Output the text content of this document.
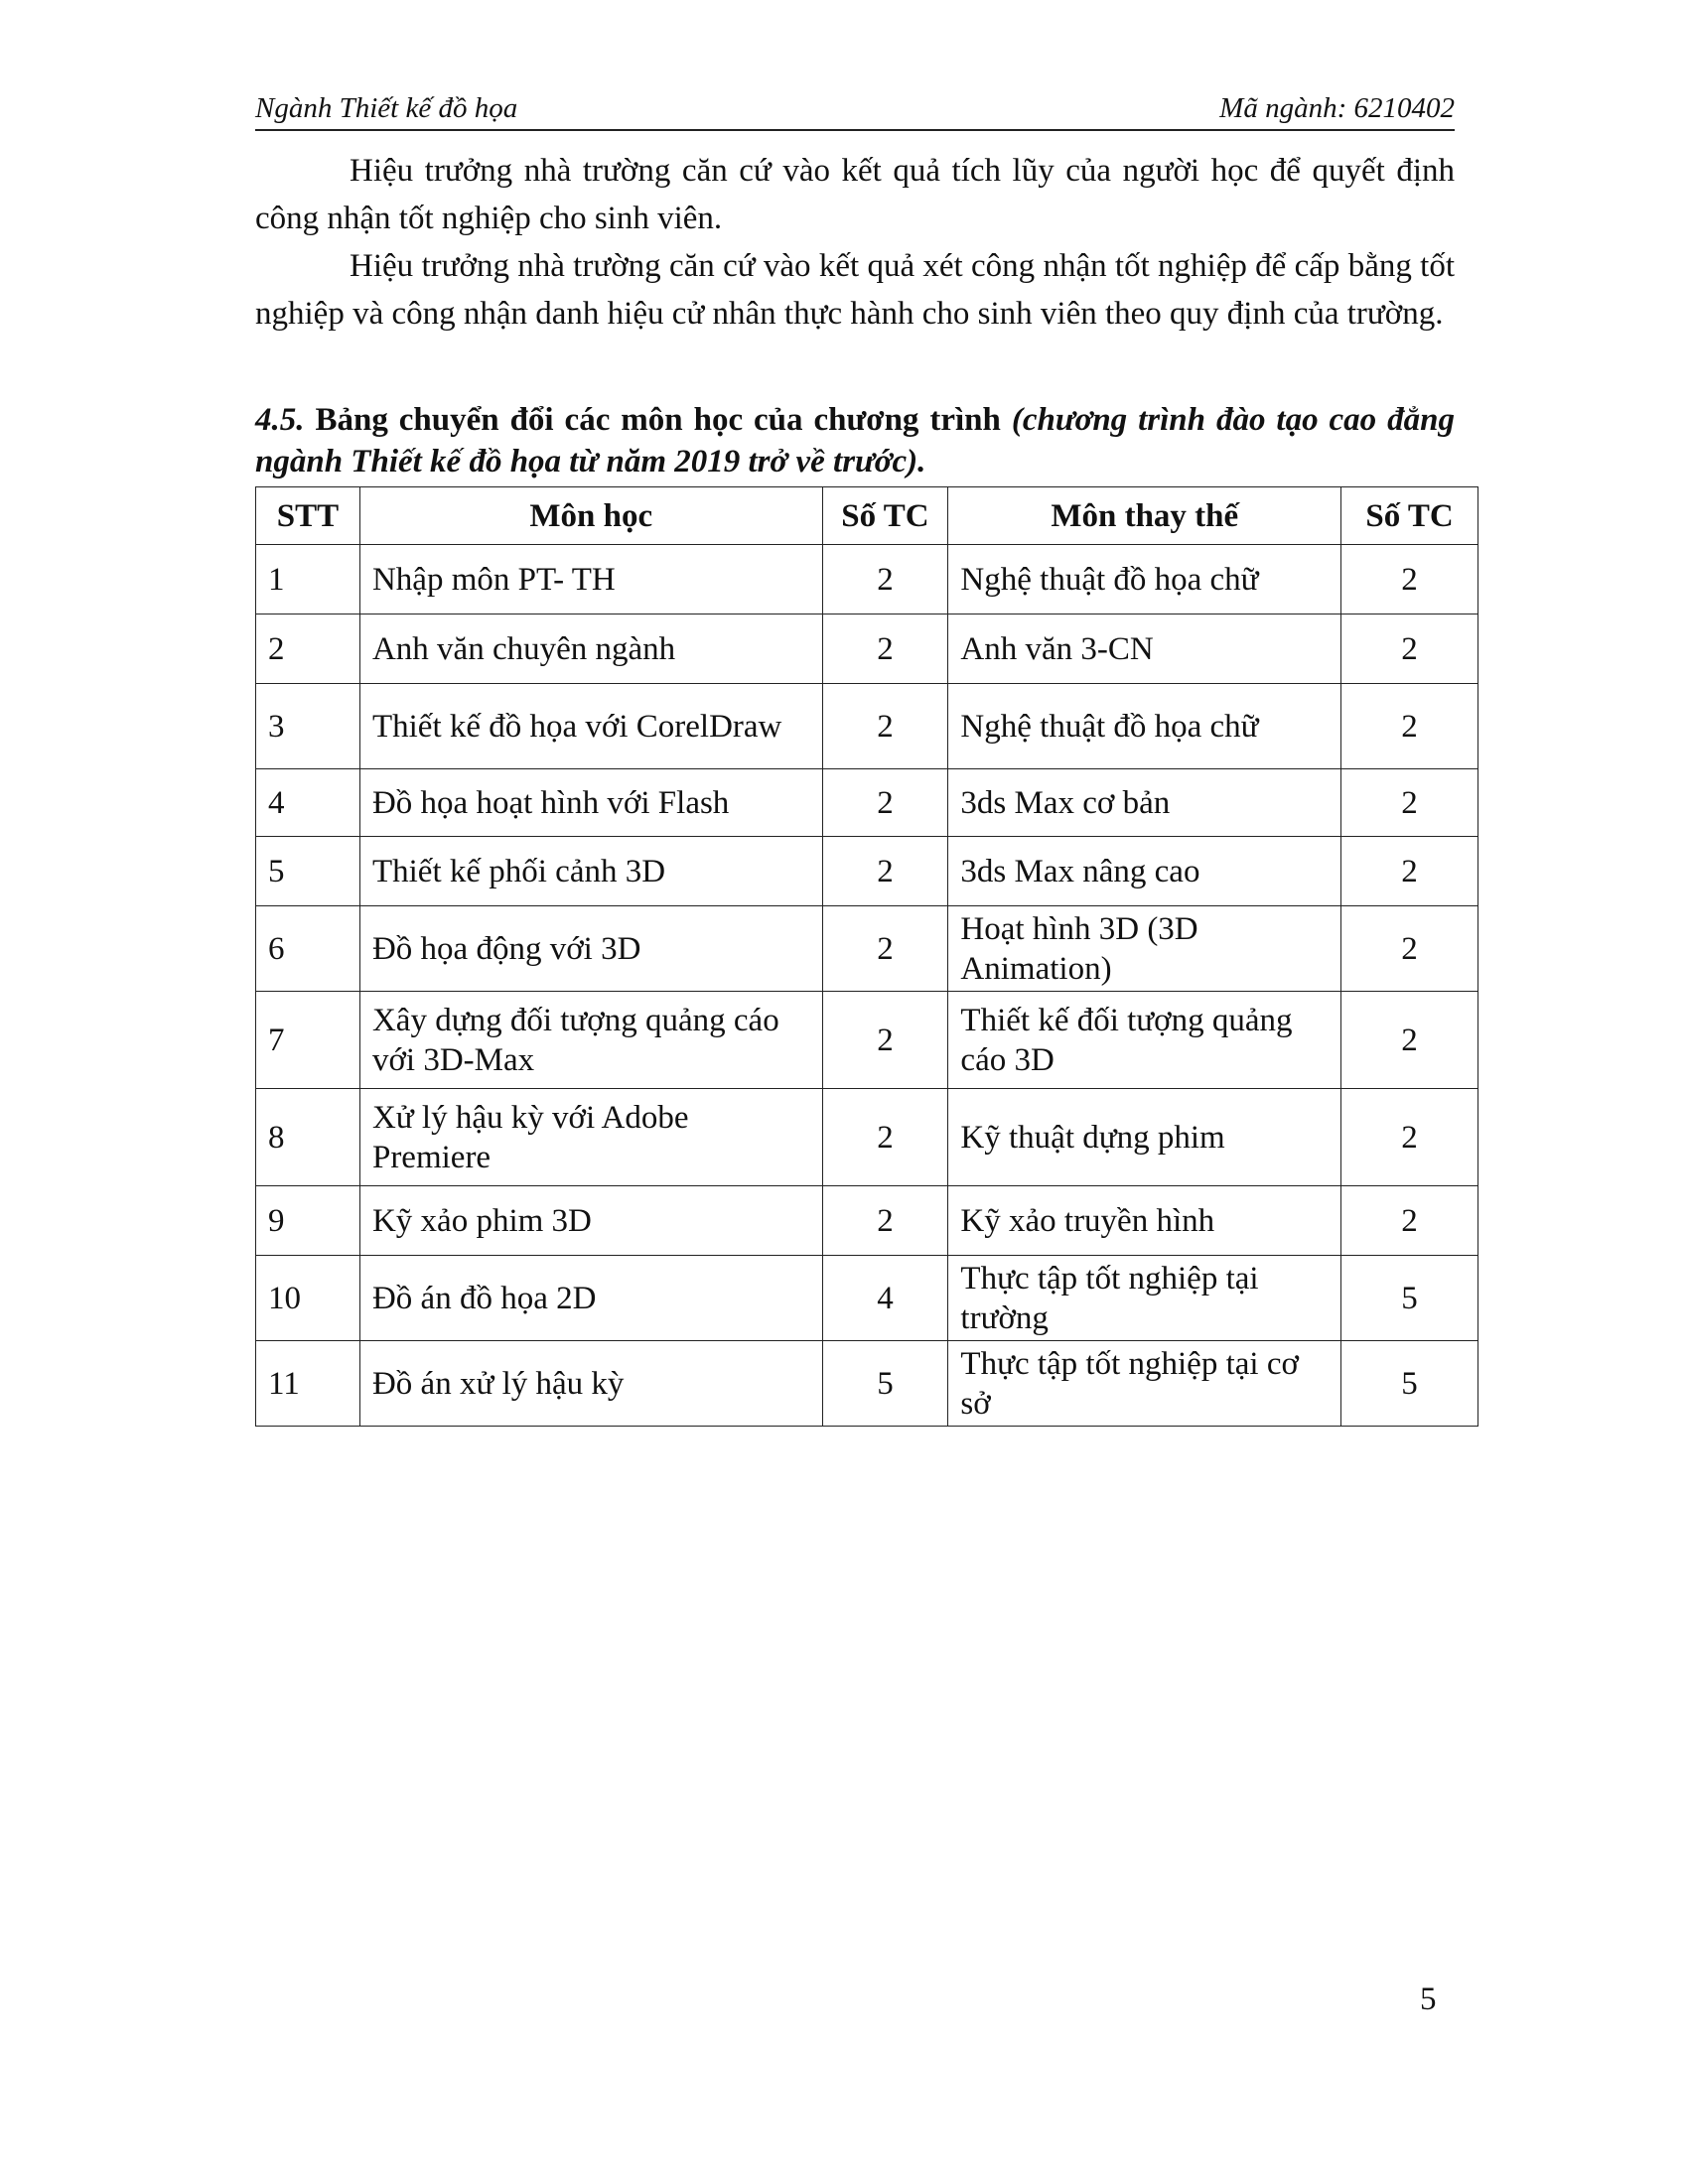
Ngành Thiết kế đồ họa	Mã ngành: 6210402

Hiệu trưởng nhà trường căn cứ vào kết quả tích lũy của người học để quyết định công nhận tốt nghiệp cho sinh viên.

Hiệu trưởng nhà trường căn cứ vào kết quả xét công nhận tốt nghiệp để cấp bằng tốt nghiệp và công nhận danh hiệu cử nhân thực hành cho sinh viên theo quy định của trường.

4.5. Bảng chuyển đổi các môn học của chương trình (chương trình đào tạo cao đẳng ngành Thiết kế đồ họa từ năm 2019 trở về trước).
STT	Môn học	Số TC	Môn thay thế	Số TC
1	Nhập môn PT- TH	2	Nghệ thuật đồ họa chữ	2
2	Anh văn chuyên ngành	2	Anh văn 3-CN	2
3	Thiết kế đồ họa với CorelDraw	2	Nghệ thuật đồ họa chữ	2
4	Đồ họa hoạt hình với Flash	2	3ds Max cơ bản	2
5	Thiết kế phối cảnh 3D	2	3ds Max nâng cao	2
6	Đồ họa động với 3D	2	Hoạt hình 3D (3D Animation)	2
7	Xây dựng đối tượng quảng cáo với 3D-Max	2	Thiết kế đối tượng quảng cáo 3D	2
8	Xử lý hậu kỳ với Adobe Premiere	2	Kỹ thuật dựng phim	2
9	Kỹ xảo phim 3D	2	Kỹ xảo truyền hình	2
10	Đồ án đồ họa 2D	4	Thực tập tốt nghiệp tại trường	5
11	Đồ án xử lý hậu kỳ	5	Thực tập tốt nghiệp tại cơ sở	5
5
